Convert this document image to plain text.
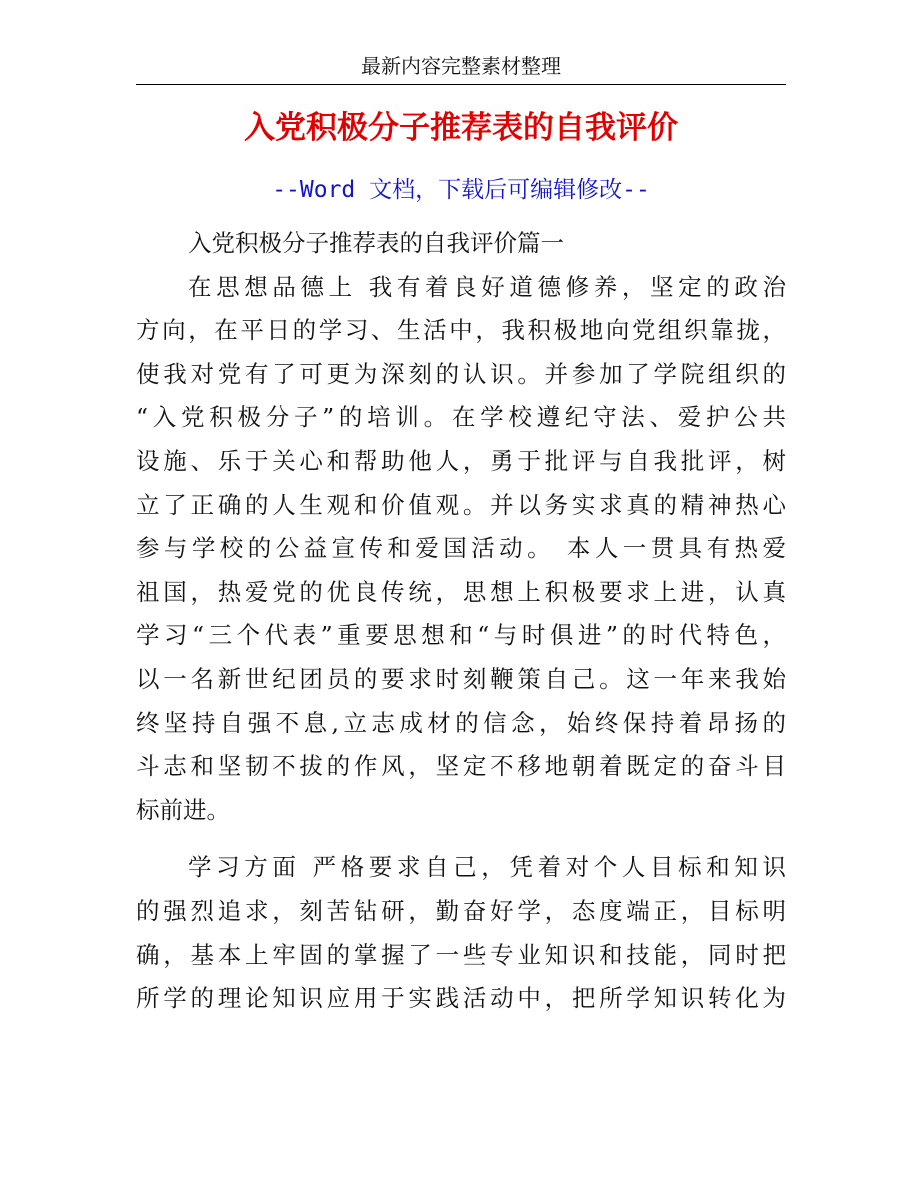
最新内容完整素材整理
入党积极分子推荐表的自我评价
--Word 文档，下载后可编辑修改--
入党积极分子推荐表的自我评价篇一
在思想品德上 我有着良好道德修养，坚定的政治
方向，在平日的学习、生活中，我积极地向党组织靠拢，
使我对党有了可更为深刻的认识。并参加了学院组织的
“入党积极分子”的培训。在学校遵纪守法、爱护公共
设施、乐于关心和帮助他人，勇于批评与自我批评，树
立了正确的人生观和价值观。并以务实求真的精神热心
参与学校的公益宣传和爱国活动。 本人一贯具有热爱
祖国，热爱党的优良传统，思想上积极要求上进，认真
学习“三个代表”重要思想和“与时俱进”的时代特色，
以一名新世纪团员的要求时刻鞭策自己。这一年来我始
终坚持自强不息,立志成材的信念，始终保持着昂扬的
斗志和坚韧不拔的作风，坚定不移地朝着既定的奋斗目
标前进。
学习方面 严格要求自己，凭着对个人目标和知识
的强烈追求，刻苦钻研，勤奋好学，态度端正，目标明
确，基本上牢固的掌握了一些专业知识和技能，同时把
所学的理论知识应用于实践活动中，把所学知识转化为
